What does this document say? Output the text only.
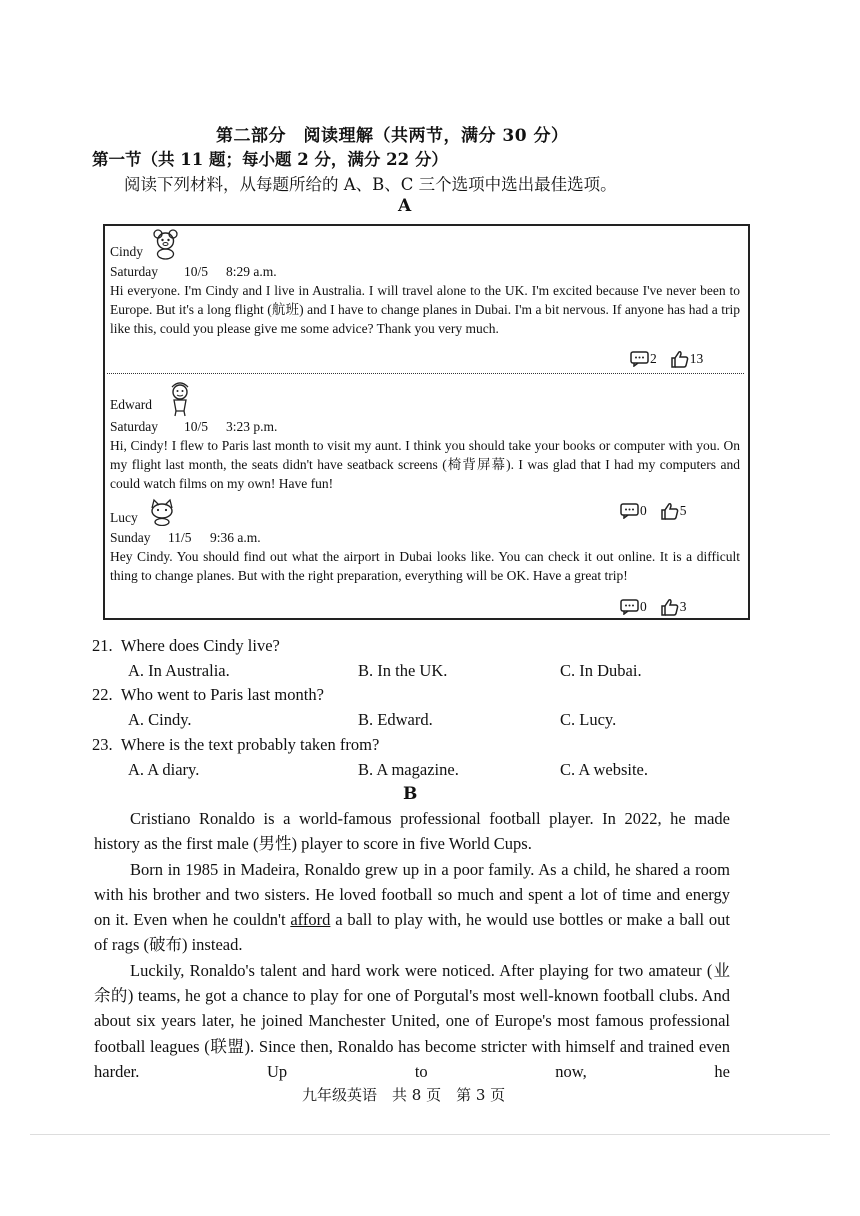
第二部分　阅读理解（共两节，满分 30 分）
第一节（共 11 题；每小题 2 分，满分 22 分）
阅读下列材料，从每题所给的 A、B、C 三个选项中选出最佳选项。
A
Cindy
Saturday 10/5 8:29 a.m.

Hi everyone. I'm Cindy and I live in Australia. I will travel alone to the UK. I'm excited because I've never been to Europe. But it's a long flight (航班) and I have to change planes in Dubai. I'm a bit nervous. If anyone has had a trip like this, could you please give me some advice? Thank you very much.

2 13
Edward
Saturday 10/5 3:23 p.m.

Hi, Cindy! I flew to Paris last month to visit my aunt. I think you should take your books or computer with you. On my flight last month, the seats didn't have seatback screens (椅背屏幕). I was glad that I had my computers and could watch films on my own! Have fun!

Lucy
Sunday 11/5 9:36 a.m.

Hey Cindy. You should find out what the airport in Dubai looks like. You can check it out online. It is a difficult thing to change planes. But with the right preparation, everything will be OK. Have a great trip!

0 5
0 3
21. Where does Cindy live?
A. In Australia.	B. In the UK.	C. In Dubai.
22. Who went to Paris last month?
A. Cindy.	B. Edward.	C. Lucy.
23. Where is the text probably taken from?
A. A diary.	B. A magazine.	C. A website.
B

Cristiano Ronaldo is a world-famous professional football player. In 2022, he made history as the first male (男性) player to score in five World Cups.

Born in 1985 in Madeira, Ronaldo grew up in a poor family. As a child, he shared a room with his brother and two sisters. He loved football so much and spent a lot of time and energy on it. Even when he couldn't afford a ball to play with, he would use bottles or make a ball out of rags (破布) instead.

Luckily, Ronaldo's talent and hard work were noticed. After playing for two amateur (业余的) teams, he got a chance to play for one of Porgutal's most well-known football clubs. And about six years later, he joined Manchester United, one of Europe's most famous professional football leagues (联盟). Since then, Ronaldo has become stricter with himself and trained even harder. Up to now, he

九年级英语　共 8 页　第 3 页
